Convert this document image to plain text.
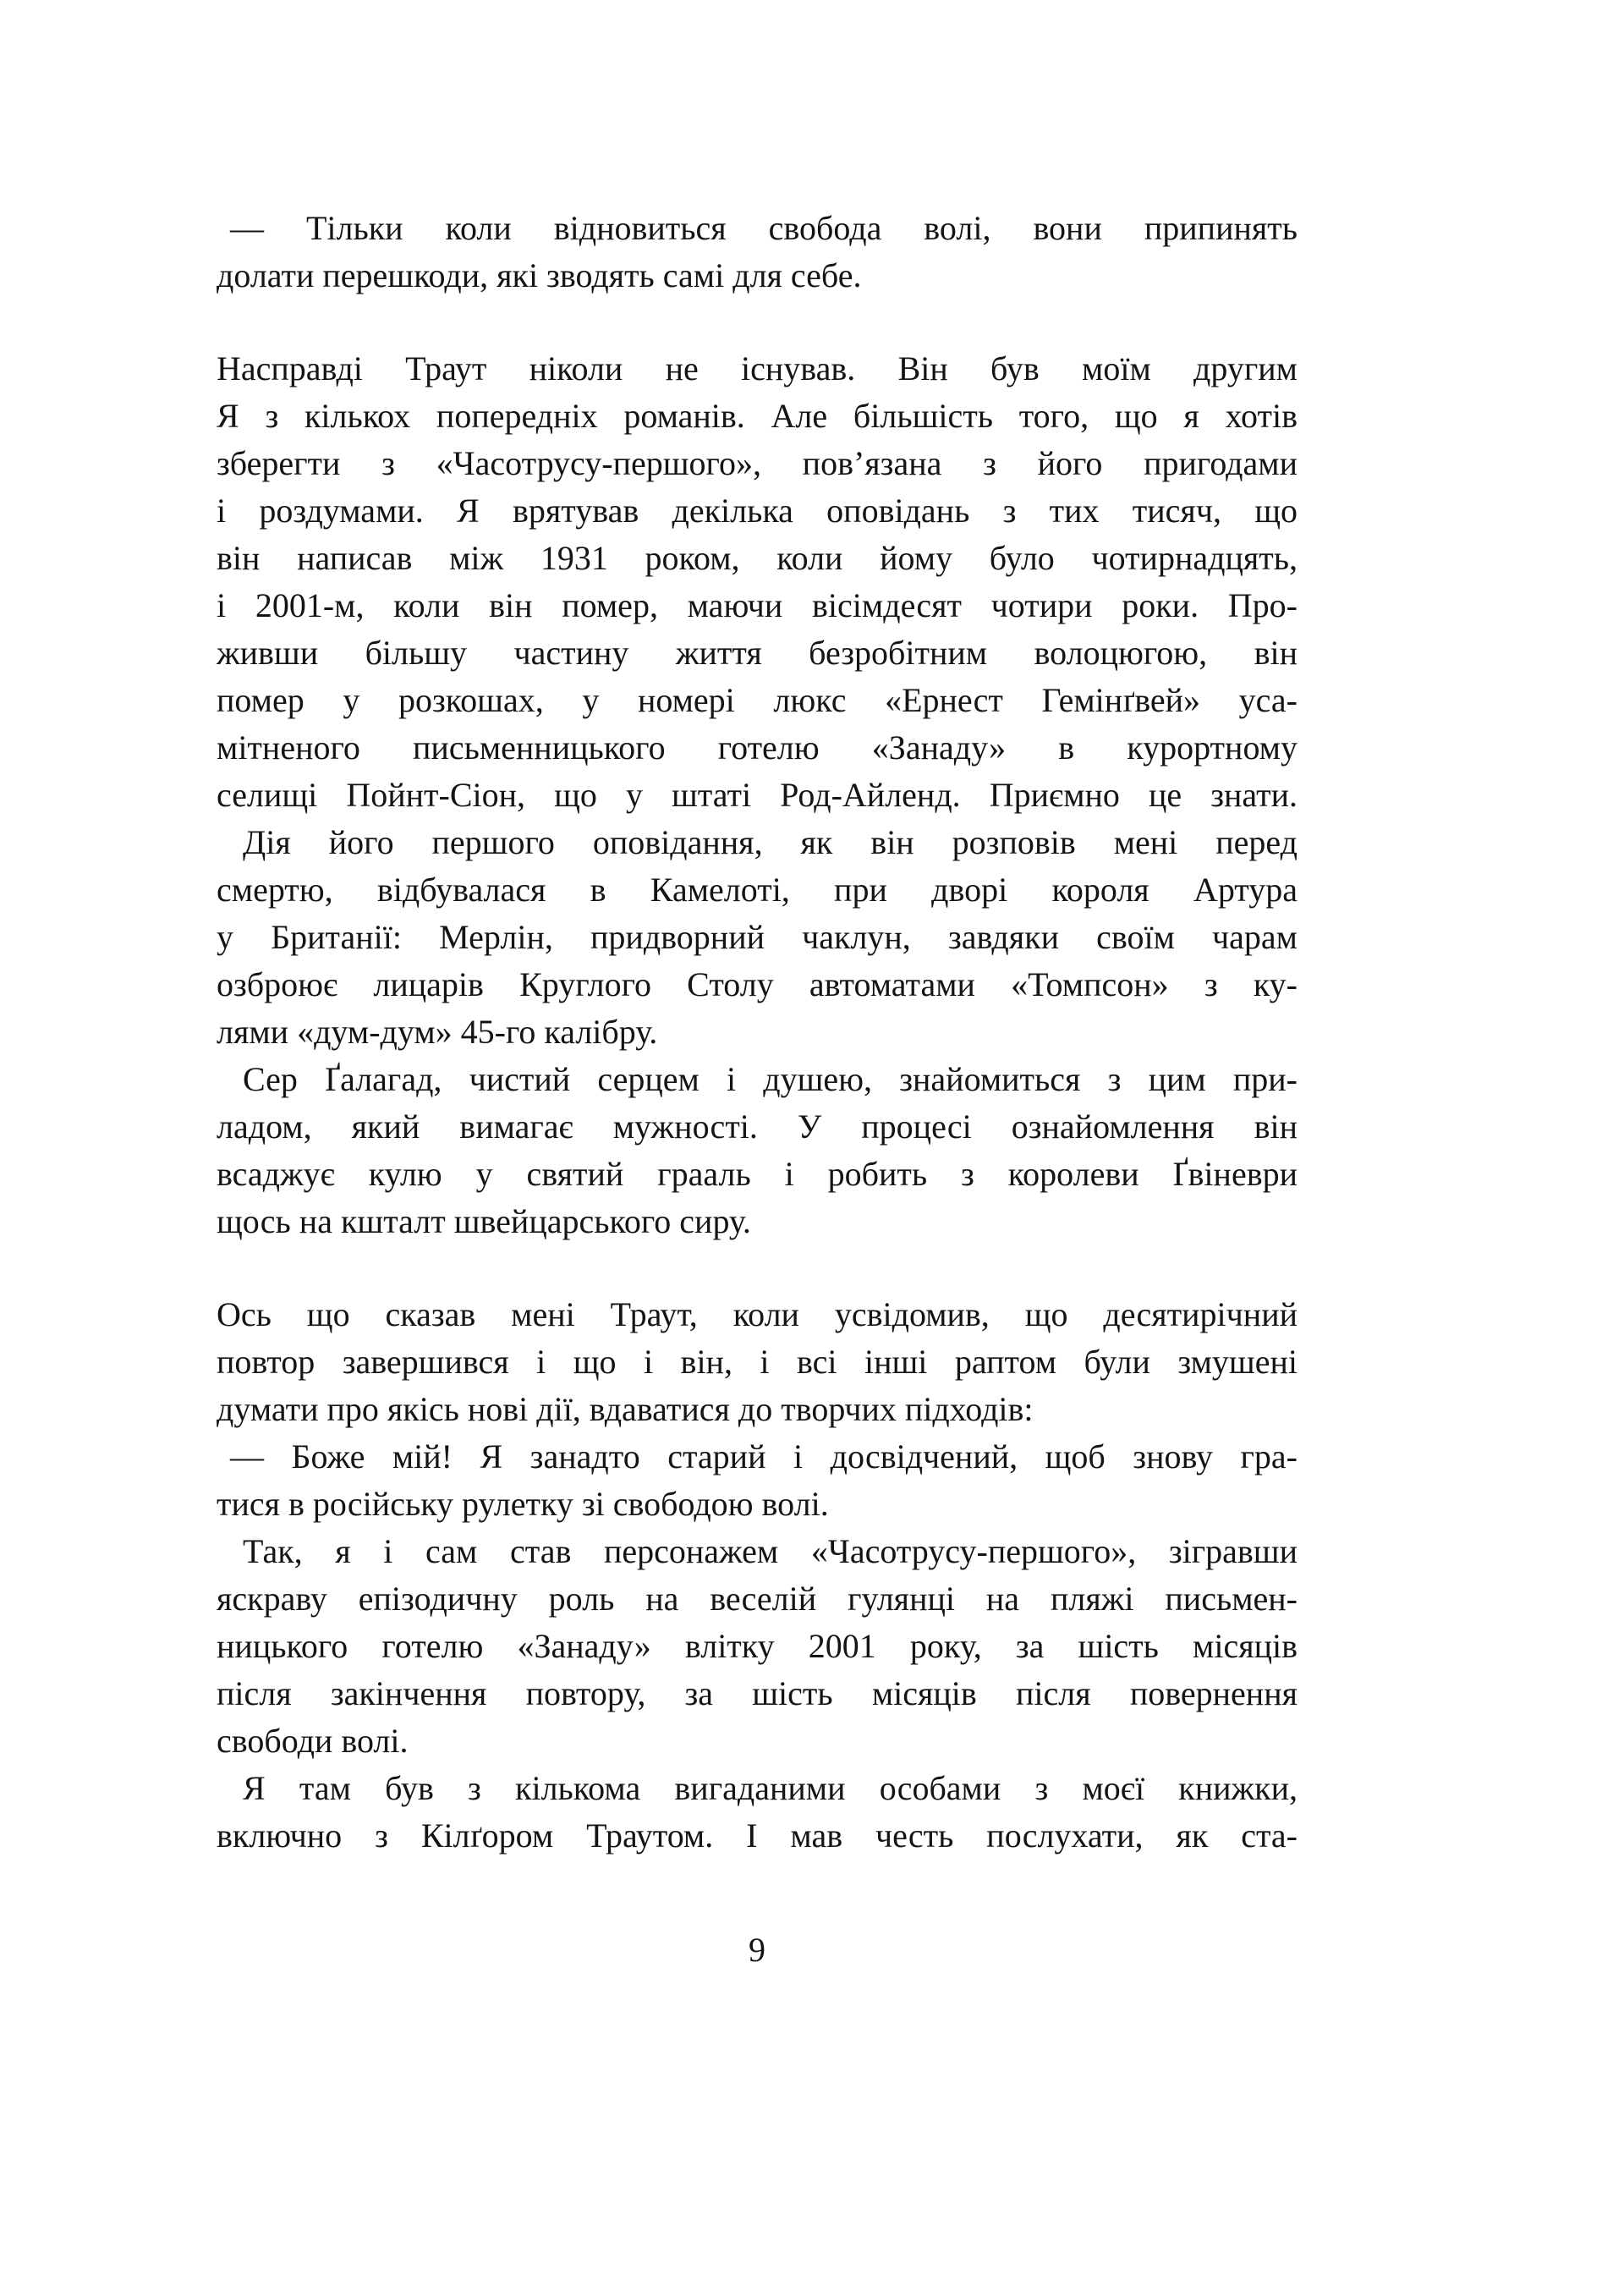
— Тільки коли відновиться свобода волі, вони припинять
долати перешкоди, які зводять самі для себе.
Насправді Траут ніколи не існував. Він був моїм другим
Я з кількох попередніх романів. Але більшість того, що я хотів
зберегти з «Часотрусу-першого», пов’язана з його пригодами
і роздумами. Я врятував декілька оповідань з тих тисяч, що
він написав між 1931 роком, коли йому було чотирнадцять,
і 2001-м, коли він помер, маючи вісімдесят чотири роки. Про-
живши більшу частину життя безробітним волоцюгою, він
помер у розкошах, у номері люкс «Ернест Гемінґвей» уса-
мітненого письменницького готелю «Занаду» в курортному
селищі Пойнт-Сіон, що у штаті Род-Айленд. Приємно це знати.
Дія його першого оповідання, як він розповів мені перед
смертю, відбувалася в Камелоті, при дворі короля Артура
у Британії: Мерлін, придворний чаклун, завдяки своїм чарам
озброює лицарів Круглого Столу автоматами «Томпсон» з ку-
лями «дум-дум» 45-го калібру.
Сер Ґалагад, чистий серцем і душею, знайомиться з цим при-
ладом, який вимагає мужності. У процесі ознайомлення він
всаджує кулю у святий грааль і робить з королеви Ґвіневри
щось на кшталт швейцарського сиру.
Ось що сказав мені Траут, коли усвідомив, що десятирічний
повтор завершився і що і він, і всі інші раптом були змушені
думати про якісь нові дії, вдаватися до творчих підходів:
— Боже мій! Я занадто старий і досвідчений, щоб знову гра-
тися в російську рулетку зі свободою волі.
Так, я і сам став персонажем «Часотрусу-першого», зігравши
яскраву епізодичну роль на веселій гулянці на пляжі письмен-
ницького готелю «Занаду» влітку 2001 року, за шість місяців
після закінчення повтору, за шість місяців після повернення
свободи волі.
Я там був з кількома вигаданими особами з моєї книжки,
включно з Кілґором Траутом. І мав честь послухати, як ста-
9
